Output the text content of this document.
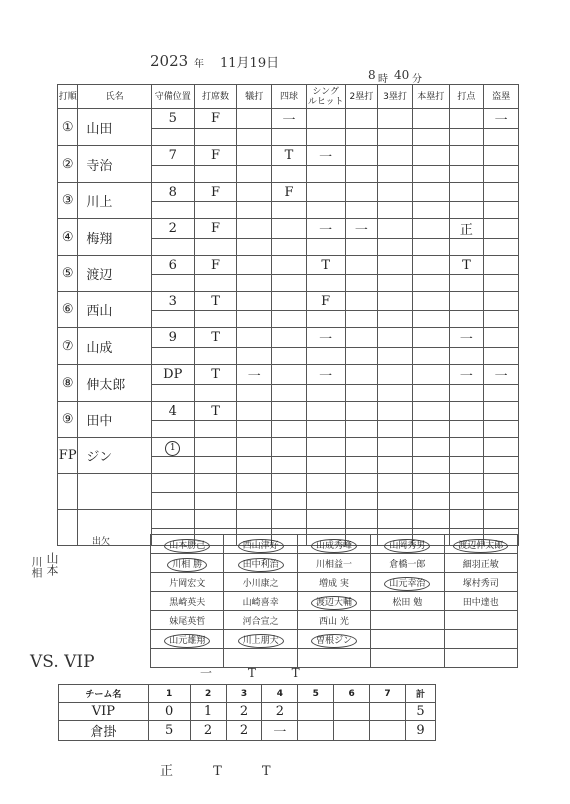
2023 年 11月19日
8 時 40 分
打順	氏名	守備位置	打席数	犠打	四球	シング
ルヒット	2塁打	3塁打	本塁打	打点	盗塁
①	山田	5	F		一						一

②	寺治	7	F		T	一					

③	川上	8	F		F						

④	梅翔	2	F			一	一			正	

⑤	渡辺	6	F			T				T	

⑥	西山	3	T			F					

⑦	山成	9	T			一				一	

⑧	伸太郎	DP	T	一		一				一	一

⑨	田中	4	T								

FP	ジン	1									

出欠
山本
川相
山本勝己	西山津好	山成秀峰	山岡秀男	渡辺伸太郎
川相 勝	田中利治	川相益一	倉橋一郎	細羽正敏
片岡宏文	小川康之	増成 実	山元幸治	塚村秀司
黒崎英夫	山崎喜幸	渡辺大輔	松田 勉	田中達也
妹尾英哲	河合宣之	西山 光		
山元雄翔	川上朋大	曽根ジン		

VS. VIP
一 T T
チーム名	1	2	3	4	5	6	7	計
VIP	0	1	2	2				5
倉掛	5	2	2	一				9
正 T T
